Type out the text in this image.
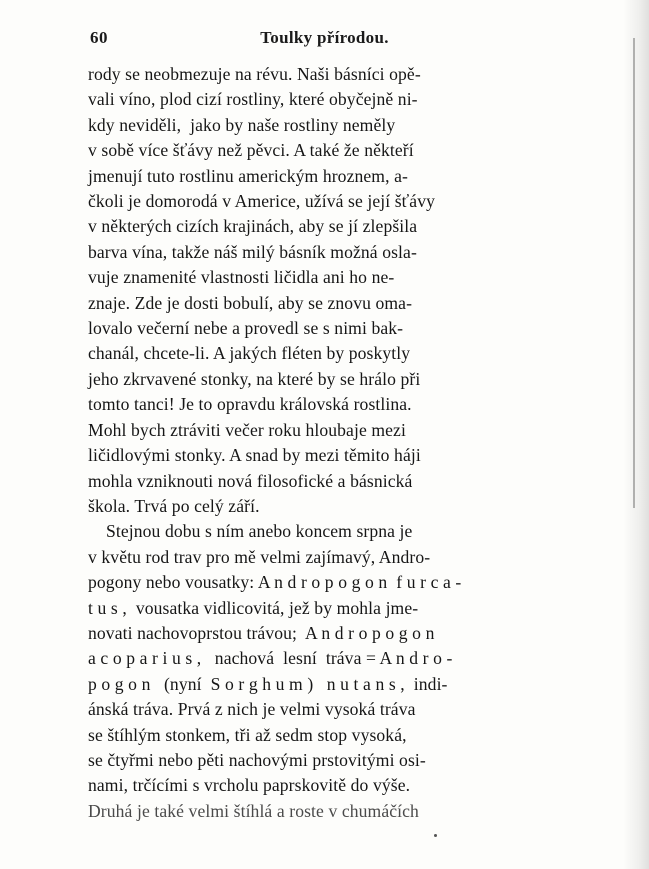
60	Toulky přírodou.
rody se neobmezuje na révu. Naši básníci opě-
vali víno, plod cizí rostliny, které obyčejně ni-
kdy neviděli,  jako by naše rostliny neměly
v sobě více šťávy než pěvci. A také že někteří
jmenují tuto rostlinu americkým hroznem, a-
čkoli je domorodá v Americe, užívá se její šťávy
v některých cizích krajinách, aby se jí zlepšila
barva vína, takže náš milý básník možná osla-
vuje znamenité vlastnosti ličidla ani ho ne-
znaje. Zde je dosti bobulí, aby se znovu oma-
lovalo večerní nebe a provedl se s nimi bak-
chanál, chcete-li. A jakých fléten by poskytly
jeho zkrvavené stonky, na které by se hrálo při
tomto tanci! Je to opravdu královská rostlina.
Mohl bych ztráviti večer roku hloubaje mezi
ličidlovými stonky. A snad by mezi těmito háji
mohla vzniknouti nová filosofické a básnická
škola. Trvá po celý září.
Stejnou dobu s ním anebo koncem srpna je
v květu rod trav pro mě velmi zajímavý, Andro-
pogony nebo vousatky: A n d r o p o g o n  f u r c a -
t u s ,  vousatka vidlicovitá, jež by mohla jme-
novati nachovoprstou trávou;  A n d r o p o g o n
a c o p a r i u s ,   nachová  lesní  tráva = A n d r o -
p o g o n   (nyní  S o r g h u m )   n u t a n s ,  indi-
ánská tráva. Prvá z nich je velmi vysoká tráva
se štíhlým stonkem, tři až sedm stop vysoká,
se čtyřmi nebo pěti nachovými prstovitými osi-
nami, trčícími s vrcholu paprskovitě do výše.
Druhá je také velmi štíhlá a roste v chumáčích
